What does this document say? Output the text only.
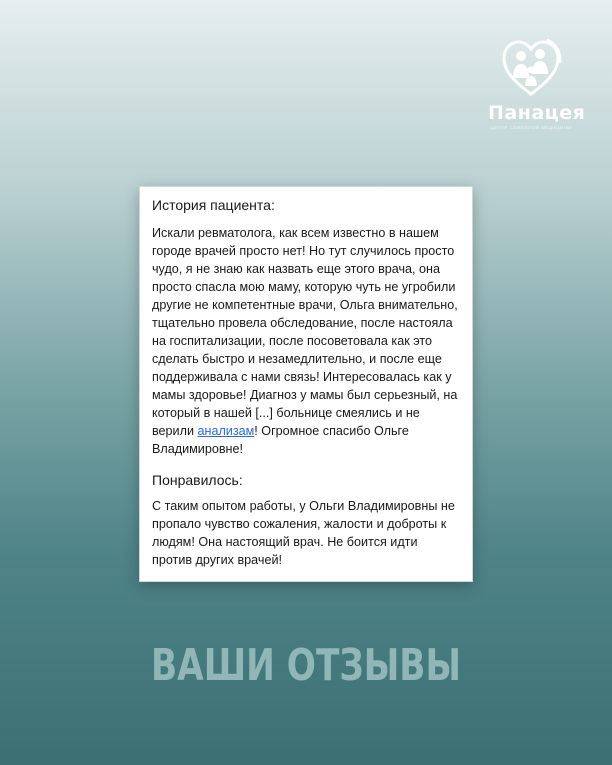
Панацея
ЦЕНТР СЕМЕЙНОЙ МЕДИЦИНЫ

История пациента:

Искали ревматолога, как всем известно в нашем городе врачей просто нет! Но тут случилось просто чудо, я не знаю как назвать еще этого врача, она просто спасла мою маму, которую чуть не угробили другие не компетентные врачи, Ольга внимательно, тщательно провела обследование, после настояла на госпитализации, после посоветовала как это сделать быстро и незамедлительно, и после еще поддерживала с нами связь! Интересовалась как у мамы здоровье! Диагноз у мамы был серьезный, на который в нашей [...] больнице смеялись и не верили анализам! Огромное спасибо Ольге Владимировне!

Понравилось:

С таким опытом работы, у Ольги Владимировны не пропало чувство сожаления, жалости и доброты к людям! Она настоящий врач. Не боится идти против других врачей!

ВАШИ ОТЗЫВЫ
